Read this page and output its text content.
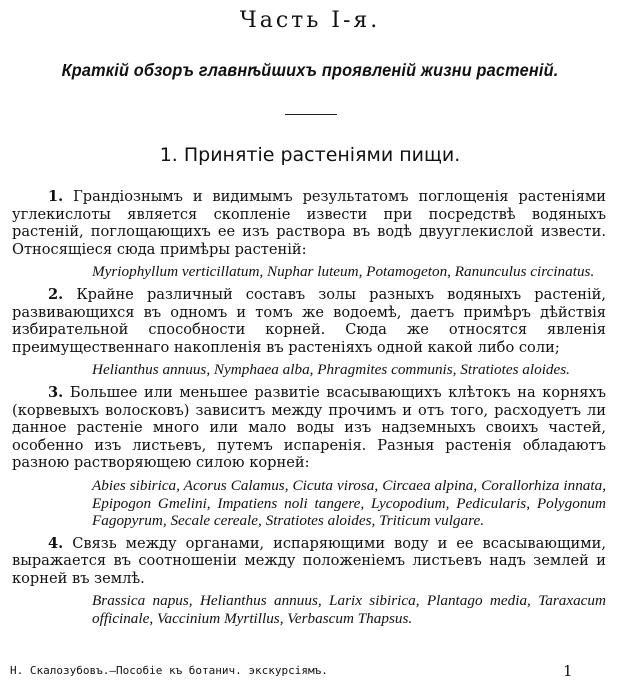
Часть I-я.
Краткій обзоръ главнѣйшихъ проявленій жизни растеній.
1. Принятіе растеніями пищи.

1. Грандіознымъ и видимымъ результатомъ поглощенія растеніями углекислоты является скопленіе извести при посредствѣ водяныхъ растеній, поглощающихъ ее изъ раствора въ водѣ двууглекислой извести. Относящіеся сюда примѣры растеній:

Myriophyllum verticillatum, Nuphar luteum, Potamogeton, Ranunculus circinatus.

2. Крайне различный составъ золы разныхъ водяныхъ растеній, развивающихся въ одномъ и томъ же водоемѣ, даетъ примѣръ дѣйствія избирательной способности корней. Сюда же относятся явленія преимущественнаго накопленія въ растеніяхъ одной какой либо соли;

Helianthus annuus, Nymphaea alba, Phragmites communis, Stratiotes aloides.

3. Большее или меньшее развитіе всасывающихъ клѣтокъ на корняхъ (корвевыхъ волосковъ) зависитъ между прочимъ и отъ того, расходуетъ ли данное растеніе много или мало воды изъ надземныхъ своихъ частей, особенно изъ листьевъ, путемъ испаренія. Разныя растенія обладаютъ разною растворяющею силою корней:

Abies sibirica, Acorus Calamus, Cicuta virosa, Circaea alpina, Corallorhiza innata, Epipogon Gmelini, Impatiens noli tangere, Lycopodium, Pedicularis, Polygonum Fagopyrum, Secale cereale, Stratiotes aloides, Triticum vulgare.

4. Связь между органами, испаряющими воду и ее всасывающими, выражается въ соотношеніи между положеніемъ листьевъ надъ землей и корней въ землѣ.

Brassica napus, Helianthus annuus, Larix sibirica, Plantago media, Taraxacum officinale, Vaccinium Myrtillus, Verbascum Thapsus.

Н. Скалозубовъ.—Пособіе къ ботанич. экскурсіямъ.	1
